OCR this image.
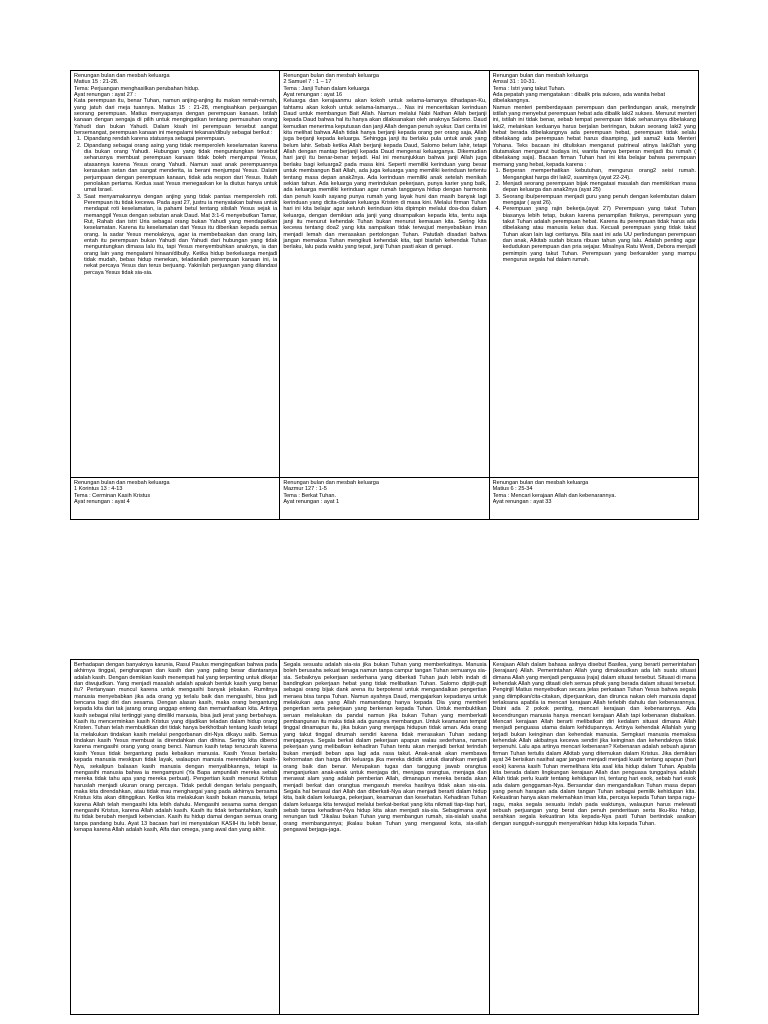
Renungan bulan dan mesbah keluarga
Matius 15 : 21-28.
Tema: Perjuangan menghasilkan perubahan hidup.
Ayat renungan : ayat 27 :

Kata perempuan itu, benar Tuhan, namun anjing-anjing itu makan remah-remah, yang jatuh dari meja tuannya. Matius 15 : 21-28, mengisahkan perjuangan seorang perempuan. Matius menyapanya dengan perempuan kanaan. Istilah kanaan dengan sengaja di pilih untuk mengingatkan tentang permusuhan orang Yahudi dan bukan Yahudi. Dalam kisah ini perempuan tersebut sangat bersemangat, perempuan kanaan ini mengalami tekanan/dibuly sebagai berikut :

1. Dipandang rendah karena statusnya sebagai perempuan.
2. Dipandang sebagai orang asing yang tidak memperoleh keselamatan karena dia bukan orang Yahudi. Hubungan yang tidak menguntungkan tersebut seharusnya membuat perempuan kanaan tidak boleh menjumpai Yesus, atasannya karena Yesus orang Yahudi. Namun saat anak perempuannya kerasukan setan dan sangat menderita, ia berani menjumpai Yesus. Dalam perjumpaan dengan perempuan kanaan, tidak ada respon dari Yesus. Itulah penolakan pertama. Kedua saat Yesus menegaskan ke la diutus hanya untuk umat Israel.
3. Saat menyamakannya dengan anjing yang tidak pantas memperoleh roti. Perempuan itu tidak kecewa. Pada ayat 27, justru ia menyatakan bahwa untuk mendapat roti keselamatan, ia pahami betul tentang silsilah Yesus sejak ia memanggil Yesus dengan sebutan anak Daud. Mat 3:1-6 menyebutkan Tamar, Rut, Rahab dan istri Uria sebagai orang bukan Yahudi yang mendapatkan keselamatan. Karena itu keselamatan dari Yesus itu diberikan kepada semua orang. Ia sadar Yesus menolaknya, agar ia membebaskan dan orang lain, entah itu perempuan bukan Yahudi dan Yahudi dari hubungan yang tidak menguntungkan dimasa lalu itu, tapi Yesus menyembuhkan anaknya, ia dan orang lain yang mengalami hinaan/dibully. Ketika hidup berkeluarga menjadi tidak mudah, bebas hidup menekan, teladanilah perempuan kanaan ini, ia nekat percaya Yesus dan terus berjuang. Yakinilah perjuangan yang dilandasi percaya Yesus tidak sia-sia.
Renungan bulan dan mesbah keluarga
2 Samuel 7 : 1 – 17
Tema : Janji Tuhan dalam keluarga
Ayat renungan : ayat 16

Keluarga dan kerajaanmu akan kokoh untuk selama-lamanya dihadapan-Ku, tahtamu akan kokoh untuk selama-lamanya… Nas ini menceritakan kerinduan Daud untuk membangun Bait Allah. Namun melalui Nabi Nathan Allah berjanji kepada Daud bahwa hal itu hanya akan dilaksanakan oleh anaknya Salomo. Daud kemudian menerima keputusan dan janji Allah dengan penuh syukur. Dari cerita ini kita melihat bahwa Allah tidak hanya berjanji kepada orang per orang saja, Allah juga berjanji kepada keluarga. Sehingga janji itu berlaku pula untuk anak yang belum lahir. Sebab ketika Allah berjanji kepada Daud, Salomo belum lahir, tetapi Allah dengan mantap berjanji kepada Daud mengenai keluarganya. Dikemudian hari janji itu benar-benar terjadi. Hal ini menunjukkan bahwa janji Allah juga berlaku bagi keluarga2 pada masa kini. Seperti memiliki kerinduan yang besar untuk membangun Bait Allah, ada juga keluarga yang memiliki kerinduan tertentu tentang masa depan anak2nya. Ada kerinduan memiliki anak setelah menikah sekian tahun. Ada keluarga yang merindukan pekerjaan, punya karier yang baik, ada keluarga memiliki kerinduan agar rumah tangganya hidup dengan harmonis dan penuh kasih sayang punya rumah yang layak huni dan masih banyak lagi kerinduan yang dicita-citakan keluarga Kristen di masa kini. Melalui firman Tuhan hari ini kita belajar agar seluruh kerinduan kita dipimpin melalui doa-doa dalam keluarga, dengan demikian ada janji yang disampaikan kepada kita, tentu saja janji itu menurut kehendak Tuhan bukan menurut kemauan kita. Sering kita kecewa tentang doa2 yang kita sampaikan tidak terwujud menyebabkan iman menjadi lemah dan merasakan pertolongan Tuhan. Patutlah disadari bahwa jangan memaksa Tuhan mengikuti kehendak kita, tapi biarlah kehendak Tuhan berlaku, lalu pada waktu yang tepat, janji Tuhan pasti akan di genapi.

Renungan bulan dan mesbah keluarga
Amsal 31 : 10-31.
Tema : Istri yang takut Tuhan.
Ada pepatah yang mengatakan : dibalik pria sukses, ada wanita hebat dibelakangnya.

Namun menteri pemberdayaan perempuan dan perlindungan anak, menyindir istilah yang menyebut perempuan hebat ada dibalik laki2 sukses. Menurut menteri ini, istilah ini tidak benar, sebab tempat perempuan tidak seharusnya dibelakang laki2, melainkan keduanya harus berjalan beriringan, bukan seorang laki2 yang hebat berada dibelakangnya ada perempuan hebat, perempuan tidak selalu dibelakang ada perempuan hebat harus disamping, jadi sama2 kata Menteri Yohana. Teks bacaan ini dituliskan menganut patrineal atinya laki2lah yang diutamakan menganut budaya ini, wanita hanya berperan menjadi ibu rumah ( dibelakang saja). Bacaan firman Tuhan hari ini kita belajar bahwa perempuan memang yang hebat, kepada karena :

1. Berperan memperhatikan kebutuhan, mengurus orang2 seisi rumah. Mengangkat harga diri laki2, suaminya (ayat 22-24).
2. Menjadi seorang perempuan bijak mengatasi masalah dan memikirkan masa depan keluarga dan anak2nya (ayat 25)
3. Seorang ibu/perempuan menjadi guru yang penuh dengan kelembutan dalam mengajar ( ayat 26).
4. Perempuan yang rajin bekerja.(ayat 27) Perempuan yang takut Tuhan biasanya lebih tetap, bukan karena penampilan fisiknya, perempuan yang takut Tuhan adalah perempuan hebat. Karena itu perempuan tidak harus ada dibelakang atau manusia kelas dua. Kecuali perempuan yang tidak takut Tuhan akan lain lagi ceritanya. Bila saat ini ada UU perlindungan perempuan dan anak, Alkitab sudah bicara ribuan tahun yang lalu. Adalah penting agar kedudukan perempuan dan pria sejajar. Misalnya Ratu Westi, Debora menjadi pemimpin yang takut Tuhan. Perempuan yang berkarakter yang mampu mengurus segala hal dalam rumah.
Renungan bulan dan mesbah keluarga
1 Korintus 13 : 4-13
Tema : Cerminan Kasih Kristus
Ayat renungan : ayat 4
Renungan bulan dan mesbah keluarga
Mazmur 127 : 1-5
Tema : Berkat Tuhan.
Ayat renungan : ayat 1
Renungan bulan dan mesbah keluarga
Matius 6 : 25-34
Tema : Mencari kerajaan Allah dan kebenarannya.
Ayat renungan : ayat 33

Berhadapan dengan banyaknya karunia, Rasul Paulus mengingatkan bahwa pada akhirnya tinggal, pengharapan dan kasih dan yang paling besar diantaranya adalah kasih. Dengan demikian kasih menempati hal yang terpenting untuk dikejar dan diwujudkan. Yang menjadi masalah adalah apakah bentuk kasih yang benar itu? Pertanyaan muncul karena untuk mengasihi banyak jebakan. Rumitnya manusia menyebabkan jika ada orang yg terlalu baik dan mengasihi, bisa jadi bencana bagi diri dan sesama. Dengan alasan kasih, maka orang bergantung kepada kita dan tak jarang orang anggap enteng dan memanfaatkan kita. Artinya kasih sebagai nilai tertinggi yang dimiliki manusia, bisa jadi jerat yang berbahaya. Kasih itu mencerminkan kasih Kristus yang dijadikan teladan dalam hidup orang Kristen. Tuhan telah membuktikan diri tidak hanya berkhotbah tentang kasih tetapi Ia melakukan tindakan kasih melalui pengorbanan diri-Nya dikayu salib. Semua tindakan kasih Yesus membuat ia direndahkan dan dihina. Sering kita dibenci karena mengasihi orang yang orang benci. Namun kasih tetap terucurah karena kasih Yesus tidak bergantung pada kebaikan manusia. Kasih Yesus berlaku kepada manusia meskipun tidak layak, walaupun manusia merendahkan kasih-Nya, sekalipun balasan kasih manusia dengan menyalibkannya, tetapi ia mengasihi manusia bahwa ia mengampuni (Ya Bapa ampunilah mereka sebab mereka tidak tahu apa yang mereka perbuat). Pengertian kasih menurut Kristus haruslah menjadi ukuran orang percaya. Tidak peduli dengan terlalu pengasih, maka kita direndahkan, atau tidak mau menghargai yang pada akhirnya bersama Kristus kita akan ditinggikan. Ketika kita melakukan kasih bukan manusia, tetapi karena Allah telah mengasihi kita lebih dahulu. Mengasihi sesama sama dengan mengasihi Kristus, karena Allah adalah kasih. Kasih itu tidak terbantahkan, kasih itu tidak berubah menjadi kebencian. Kasih itu hidup damai dengan semua orang tanpa pandang bulu. Ayat 13 bacaan hari ini menyatakan KASIH itu lebih besar, kenapa karena Allah adalah kasih, Alfa dan omega, yang awal dan yang akhir.

Segala sesuatu adalah sia-sia jika bukan Tuhan yang memberkatinya. Manusia boleh berusaha sekuat tenaga namun tanpa campur tangan Tuhan semuanya sia-sia. Sebaiknya pekerjaan sederhana yang diberkati Tuhan jauh lebih indah di bandingkan pekerjaan hebat yang tidak melibatkan Tuhan. Salomo dipijit-pujit sebagai orang bijak dank arena itu berpotensi untuk mengandalkan pengertian meraea bisa tanpa Tuhan. Namun ayahnya Daud, mengajarkan kepadanya untuk melakukan apa yang Allah mamandang hanya kepada Dia yang memberi pengertian serta pekerjaan yang berkenan kepada Tuhan. Untuk membuktikan seruan melakukan da pandai namun jika bukan Tuhan yang memberkati pembangunan itu maka tidak ada gunanya membangun. Untuk keamanan tempat tinggal dinamapun itu, jika bukan yang menjaga hidupun tidak aman. Ada orang yang takut tinggal dirumah sendiri karena tidak merasakan Tuhan sedang menjaganya. Segala berkat dalam pekerjaan apapun walau sederhana, namun pekerjaan yang melibatkan kehadiran Tuhan tentu akan menjadi berkat terindah bukan menjadi beban apa lagi ada rasa takut. Anak-anak akan membawa kehormatan dan harga diri keluarga jika mereka dididik untuk diarahkan menjadi orang baik dan benar. Merupakan tugas dan tanggung jawab orangtua menganjurkan anak-anak untuk menjaga diri, menjaga orangtua, menjaga dan merawat alam yang adalah pemberian Allah, dimanapun mereka berada akan menjadi berkat dan orangtua mengasuh mereka hasilnya tidak akan sia-sia. Segala hal berasal dari Allah dan diberkati-Nya akan menjadi berarti dalam hidup kita, baik dalam keluarga, pekerjaan, keamanan dan kesehatan. Kehadiran Tuhan dalam keluarga kita terwujud melalui berkat-berkat yang kita nikmati tiap-tiap hari, sebab tanpa kehadiran-Nya hidup kita akan menjadi sia-sia. Sebagimana ayat renungan tadi "Jikalau bukan Tuhan yang membangun rumah, sia-sialah usaha orang membangunnya; jikalau bukan Tuhan yang mengawal kota, sia-silah pengawal berjaga-jaga.

Kerajaan Allah dalam bahasa aslinya disebut Basilea, yang berarti pemerintahan (kerajaan) Allah. Pemerintahan Allah yang dimaksudkan ada lah suatu situasi dimana Allah yang menjadi penguasa (raja) dalam situasi tersebut. Situasi di mana kehendak Allah yang ditaati oleh semua pihak yang berada dalam situasi tersebut. Penginjil Matius menyebutkan secara jelas perkataan Tuhan Yesus bahwa segala yang diimpikan/cita-citakan, diperjuankan, dan dirunca nakan oleh manusia dapat terlaksana apabila ia mencari kerajaan Allah terlebih dahulu dan kebenarannya. Disini ada 2 pokok penting, mencari kerajaan dan kebenarannya. Ada kecendrungan manusia hanya mencari kerajaan Allah tapi kebenaran diabaikan. Mencari kerajaan Allah berarti melibatkan diri kedalam situasi dimana Allah menjadi penguasa utama dalam kehidupannya. Artinya kehendak Allahlah yang terjadi bukan keinginan dan kehendak manusia. Semgkari manusia memaksa kehendak Allah akibatnya kecewa sendiri jika keinginan dan kehendaknya tidak terpenuhi. Lalu apa artinya mencari kebenaran? Kebenaran adalah sebuah ajaran firman Tuhan tertulis dalam Alkitab yang ditemukan dalam Kristus. Jika demikian ayat 34 berisikan nasihat agar jangan menjadi menjadi kuatir tentang apapun (hari esok) karena kasih Tuhan memelihara kita asal kita hidup dalam Tuhan. Apabila kita berada dalam lingkungan kerajaan Allah dan penguasa tunggalnya adalah Allah tidak perlu kuatir tentang kehidupan ini, tentang hari esok, sebab hari esok ada dalam genggaman-Nya. Bersandar dan mengandalkan Tuhan masa depan yang penuh harapan ada dalam tangan Tuhan sebagai pemilik kehidupan kita. Kekuatiran hanya akan melemahkan iman kita, percaya kepada Tuhan tanpa ragu-ragu, maka segala sesuatu indah pada waktunya, walaupun harus melewati sebuah perjuangan yang berat dan penuh penderitaan serta liku-liku hidup, serahkan segala kekuatiran kita kepada-Nya pasti Tuhan bertindak asalkan dengan sungguh-sungguh menyerahkan hidup kita kepada Tuhan.
